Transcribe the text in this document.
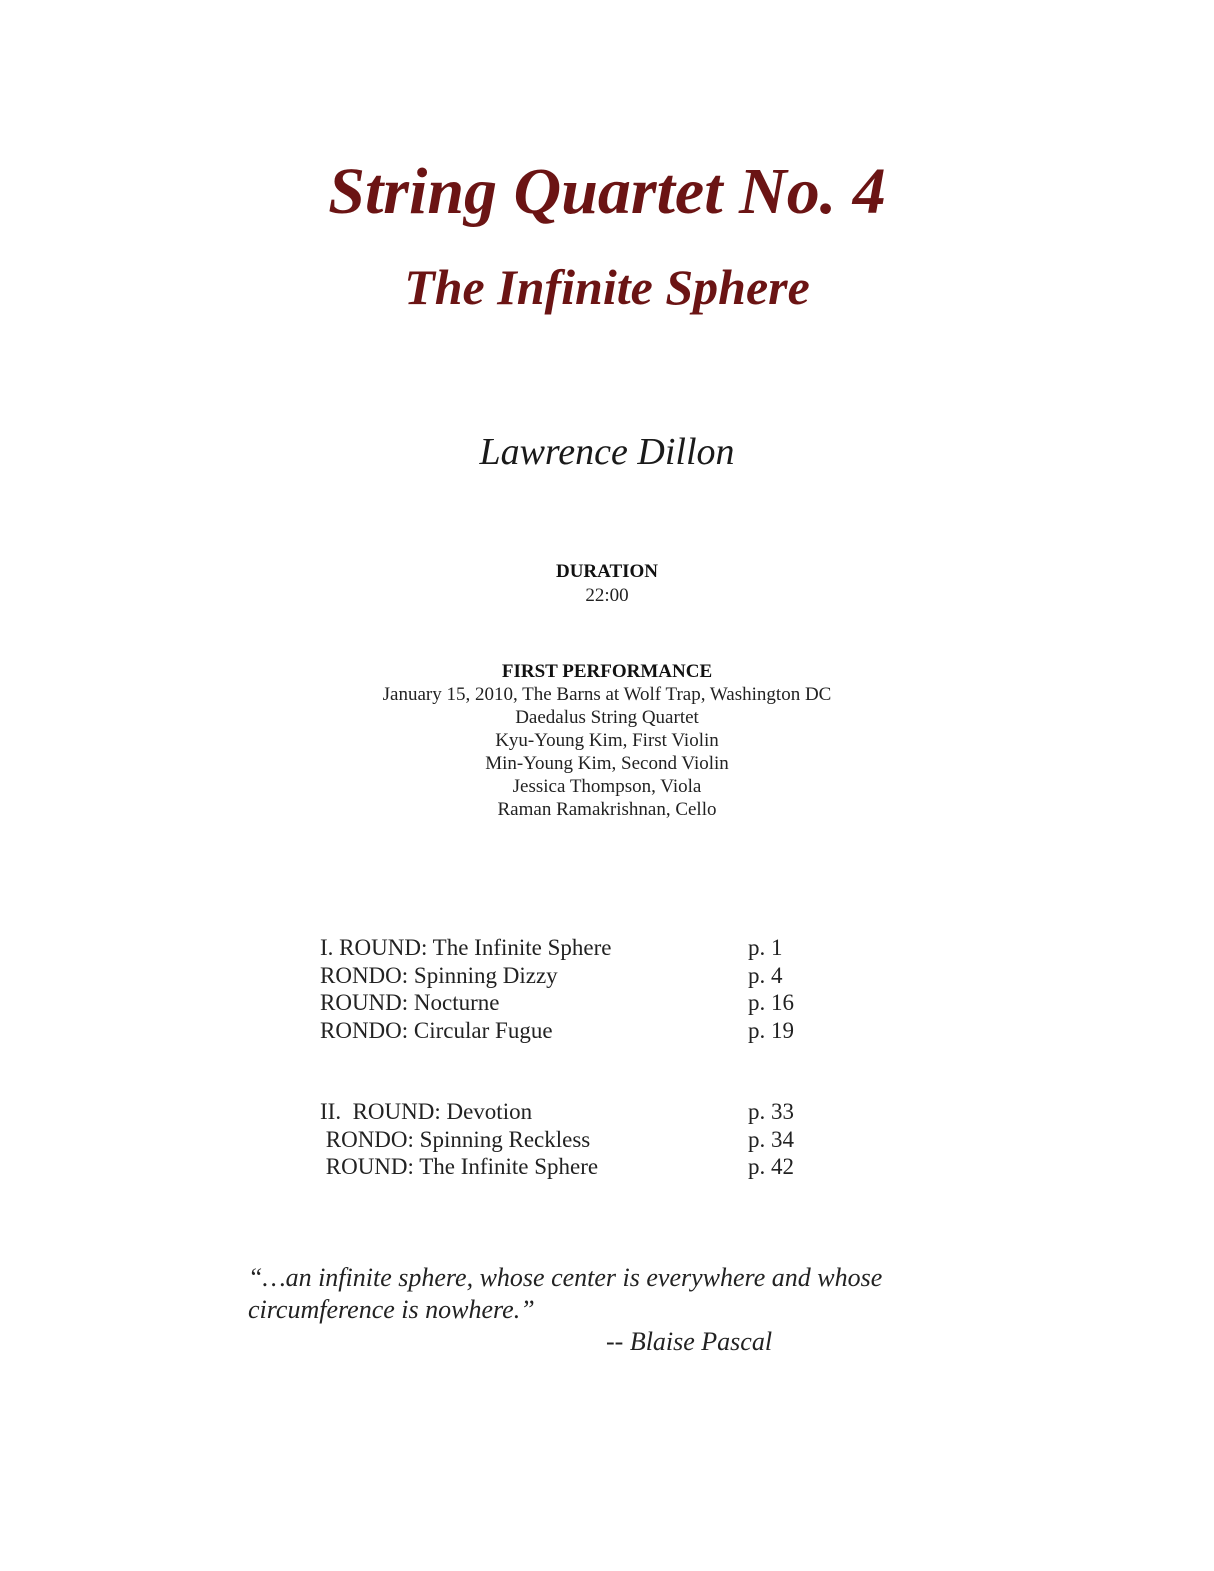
String Quartet No. 4
The Infinite Sphere
Lawrence Dillon
DURATION
22:00
FIRST PERFORMANCE
January 15, 2010, The Barns at Wolf Trap, Washington DC
Daedalus String Quartet
Kyu-Young Kim, First Violin
Min-Young Kim, Second Violin
Jessica Thompson, Viola
Raman Ramakrishnan, Cello
I. ROUND: The Infinite Sphere	p. 1
RONDO: Spinning Dizzy	p. 4
ROUND: Nocturne	p. 16
RONDO: Circular Fugue	p. 19
II.  ROUND: Devotion	p. 33
RONDO: Spinning Reckless	p. 34
ROUND: The Infinite Sphere	p. 42
“…an infinite sphere, whose center is everywhere and whose
circumference is nowhere.”
-- Blaise Pascal
